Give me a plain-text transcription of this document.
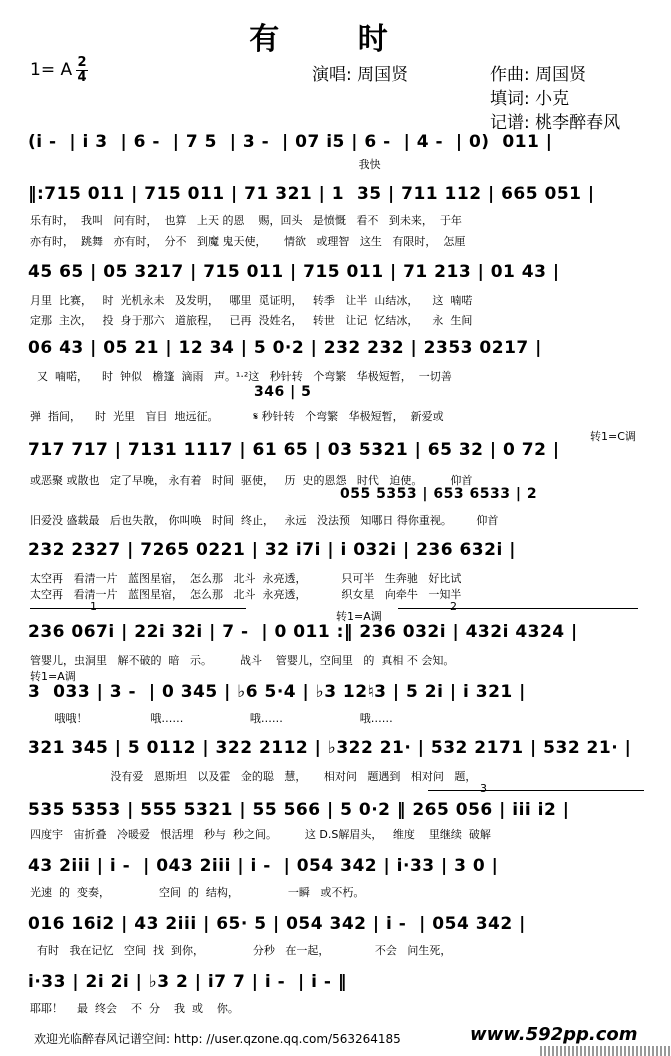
有 时
1= A 2
4	演唱: 周国贤	作曲: 周国贤
填词: 小克
记谱: 桃李醉春风
(i -  | i 3  | 6 -  | 7 5  | 3 -  | 07 i5 | 6 -  | 4 -  | 0)  011 |
我快
‖:715 011 | 715 011 | 71 321 | 1  35 | 711 112 | 665 051 |
乐有时，  我叫   问有时，  也算   上天 的恩    赐，回头   是愤慨   看不   到未来，  于年
亦有时，  跳舞   亦有时，  分不   到魔 鬼天使，     情欲   或理智   这生   有限时，  怎厘
45 65 | 05 3217 | 715 011 | 715 011 | 71 213 | 01 43 |
月里  比赛，   时  光机永未   及发明，   哪里  觅证明，   转季   让半  山结冰，    这  喃喏
定那  主次，   投  身于那六   道旅程，   已再  没姓名，   转世   让记  忆结冰，    永  生间
06 43 | 05 21 | 12 34 | 5 0·2 | 232 232 | 2353 0217 |
又  喃喏，    时  钟似   檐篷  滴雨   声。¹·²这   秒针转   个弯繁   华极短暂，  一切善
346 | 5
弹  指间，    时  光里   盲目  地远征。          𝄋 秒针转   个弯繁   华极短暂，  新爱或
转1=C调
717 717 | 7131 1117 | 61 65 | 03 5321 | 65 32 | 0 72 |
或恶聚 或散也   定了早晚， 永有着   时间  驱使，   历  史的恩怨   时代   迫使。        仰首
055 5353 | 653 6533 | 2
旧爱没 盛载最   后也失散， 你叫唤   时间  终止，   永远   没法预   知哪日 得你重视。       仰首
232 2327 | 7265 0221 | 32 i7i | i 032i | 236 632i |
太空再   看清一片   蓝图星宿，  怎么那   北斗  永亮透，          只可半   生奔驰   好比试
太空再   看清一片   蓝图星宿，  怎么那   北斗  永亮透，          织女星   向牵牛   一知半
1	2
转1=A调
236 067i | 22i 32i | 7 -  | 0 011 :‖ 236 032i | 432i 4324 |
管婴儿，虫洞里   解不破的  暗   示。        战斗    管婴儿，空间里   的  真相 不 会知。
转1=A调
3  033 | 3 -  | 0 345 | ♭6 5·4 | ♭3 12♮3 | 5 2i | i 321 |
哦哦！                  哦……                   哦……                      哦……
321 345 | 5 0112 | 322 2112 | ♭322 21· | 532 2171 | 532 21· |
没有爱   恩斯坦   以及霍   金的聪   慧，     相对问   题遇到   相对问   题，
3
535 5353 | 555 5321 | 55 566 | 5 0·2 ‖ 265 056 | iii i2 |
四度宇   宙折叠   冷暖爱   恨活埋   秒与  秒之间。        这 D.S解眉头，   维度    里继续  破解
43 2iii | i -  | 043 2iii | i -  | 054 342 | i·33 | 3 0 |
光速  的  变奏，              空间  的  结构，              一瞬   或不朽。
016 16i2 | 43 2iii | 65· 5 | 054 342 | i -  | 054 342 |
有时   我在记忆   空间  找  到你，              分秒   在一起，             不会   问生死，
i·33 | 2i 2i | ♭3 2 | i7 7 | i -  | i - ‖
耶耶！    最  终会    不  分    我  或    你。
欢迎光临醉春风记谱空间: http: //user.qzone.qq.com/563264185	www.592pp.com
